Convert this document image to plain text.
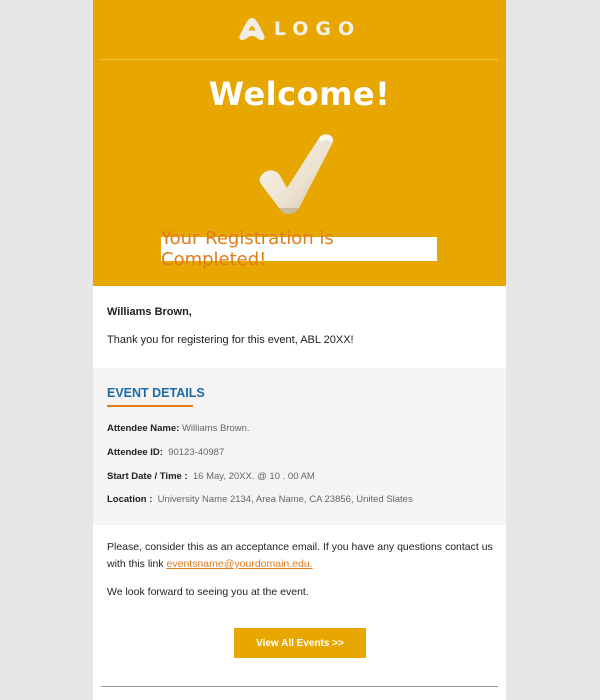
LOGO
Welcome!
Your Registration is Completed!
Williams Brown,
Thank you for registering for this event, ABL 20XX!
EVENT DETAILS
Attendee Name: Williams Brown.
Attendee ID: 90123-40987
Start Date / Time : 16 May, 20XX. @ 10 . 00 AM
Location : University Name 2134, Area Name, CA 23856, United Slates
Please, consider this as an acceptance email. If you have any questions contact us with this link eventsname@yourdomain.edu.
We look forward to seeing you at the event.
View All Events >>
